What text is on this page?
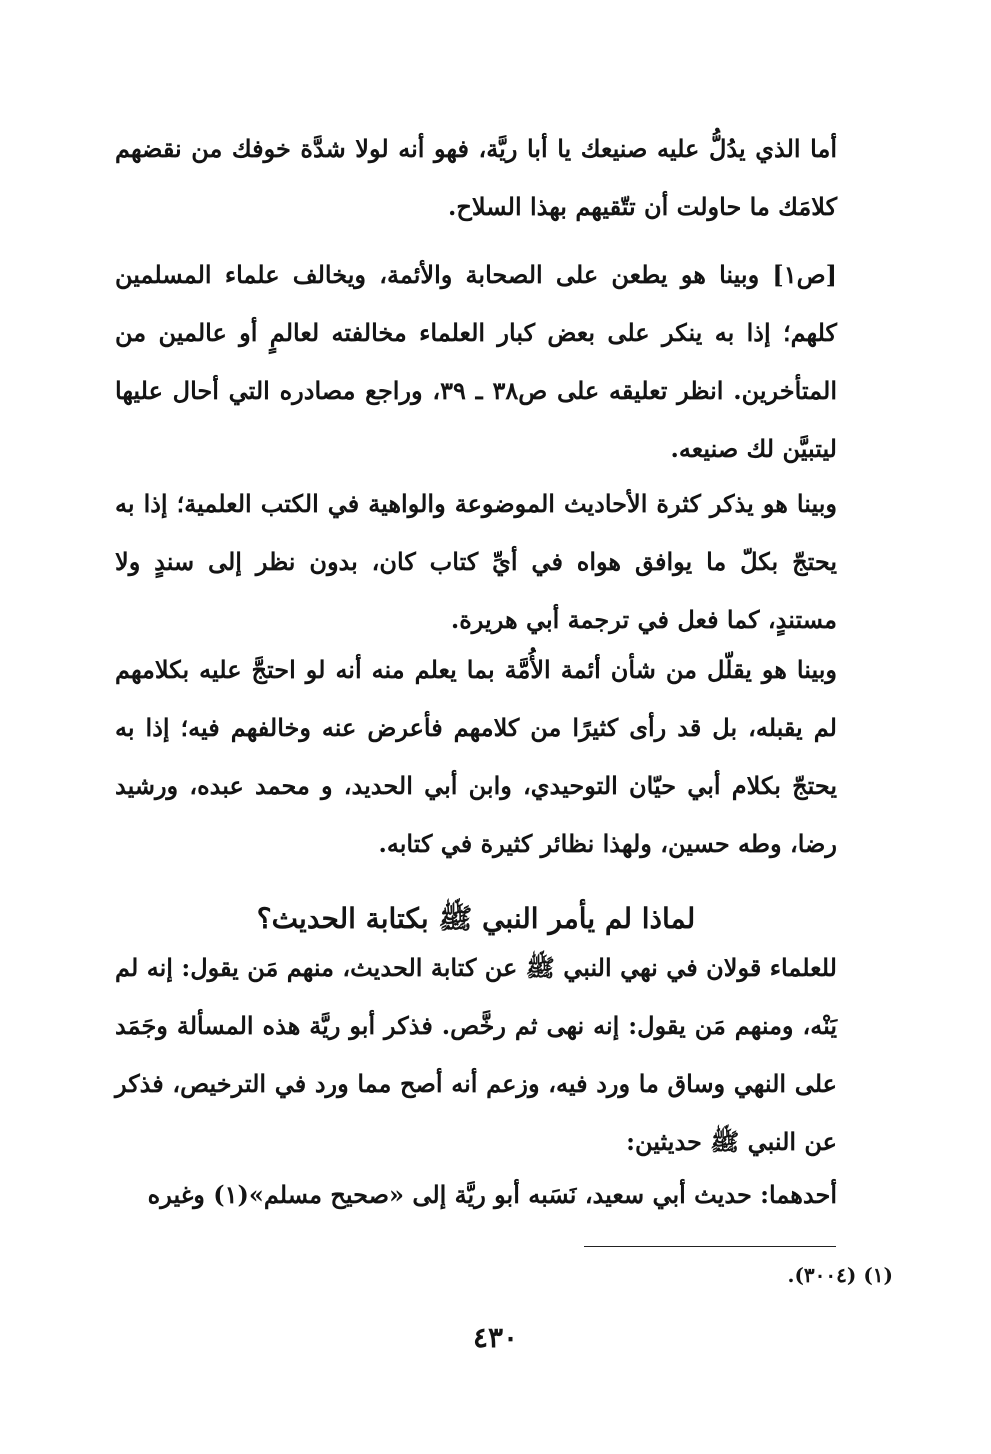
أما الذي يدُلُّ عليه صنيعك يا أبا ريَّة، فهو أنه لولا شدَّة خوفك من نقضهم كلامَك ما حاولت أن تتّقيهم بهذا السلاح.

[ص١] وبينا هو يطعن على الصحابة والأئمة، ويخالف علماء المسلمين كلهم؛ إذا به ينكر على بعض كبار العلماء مخالفته لعالمٍ أو عالمين من المتأخرين. انظر تعليقه على ص٣٨ ـ ٣٩، وراجع مصادره التي أحال عليها ليتبيَّن لك صنيعه.

وبينا هو يذكر كثرة الأحاديث الموضوعة والواهية في الكتب العلمية؛ إذا به يحتجّ بكلّ ما يوافق هواه في أيِّ كتاب كان، بدون نظر إلى سندٍ ولا مستندٍ، كما فعل في ترجمة أبي هريرة.

وبينا هو يقلّل من شأن أئمة الأُمَّة بما يعلم منه أنه لو احتجَّ عليه بكلامهم لم يقبله، بل قد رأى كثيرًا من كلامهم فأعرض عنه وخالفهم فيه؛ إذا به يحتجّ بكلام أبي حيّان التوحيدي، وابن أبي الحديد، و محمد عبده، ورشيد رضا، وطه حسين، ولهذا نظائر كثيرة في كتابه.

لماذا لم يأمر النبي ﷺ بكتابة الحديث؟

للعلماء قولان في نهي النبي ﷺ عن كتابة الحديث، منهم مَن يقول: إنه لم يَنْه، ومنهم مَن يقول: إنه نهى ثم رخَّص. فذكر أبو ريَّة هذه المسألة وجَمَد على النهي وساق ما ورد فيه، وزعم أنه أصح مما ورد في الترخيص، فذكر عن النبي ﷺ حديثين:

أحدهما: حديث أبي سعيد، نَسَبه أبو ريَّة إلى «صحيح مسلم»(١) وغيره

(١) (٣٠٠٤).
٤٣٠
